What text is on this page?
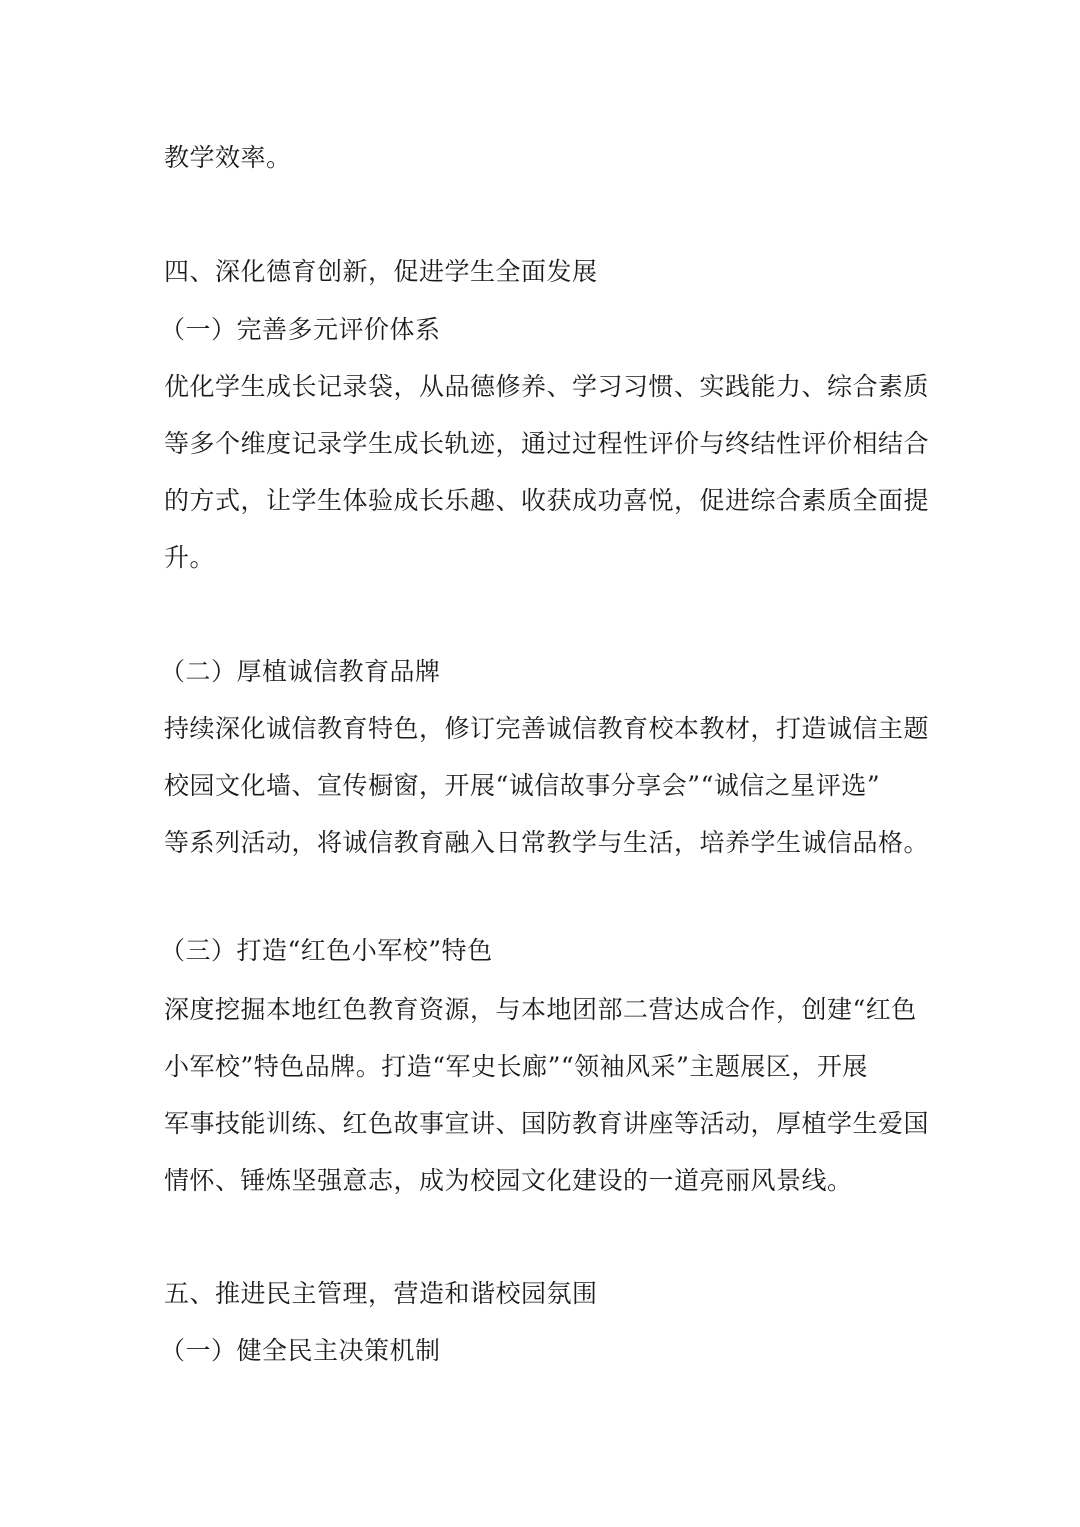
教学效率。
四、深化德育创新，促进学生全面发展
（一）完善多元评价体系
优化学生成长记录袋，从品德修养、学习习惯、实践能力、综合素质
等多个维度记录学生成长轨迹，通过过程性评价与终结性评价相结合
的方式，让学生体验成长乐趣、收获成功喜悦，促进综合素质全面提
升。
（二）厚植诚信教育品牌
持续深化诚信教育特色，修订完善诚信教育校本教材，打造诚信主题
校园文化墙、宣传橱窗，开展“诚信故事分享会”“诚信之星评选”
等系列活动，将诚信教育融入日常教学与生活，培养学生诚信品格。
（三）打造“红色小军校”特色
深度挖掘本地红色教育资源，与本地团部二营达成合作，创建“红色
小军校”特色品牌。打造“军史长廊”“领袖风采”主题展区，开展
军事技能训练、红色故事宣讲、国防教育讲座等活动，厚植学生爱国
情怀、锤炼坚强意志，成为校园文化建设的一道亮丽风景线。
五、推进民主管理，营造和谐校园氛围
（一）健全民主决策机制
